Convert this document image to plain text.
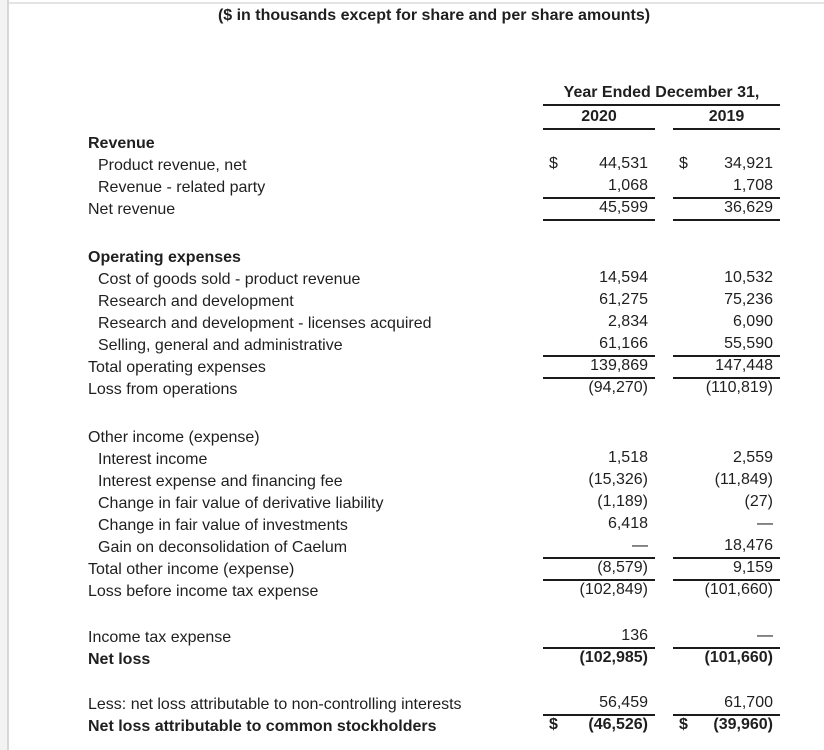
($ in thousands except for share and per share amounts)
Year Ended December 31,
2020	2019
Revenue
Product revenue, net	$	44,531 $ 34,921
Revenue - related party	1,068	1,708
Net revenue	45,599	36,629
Operating expenses
Cost of goods sold - product revenue	14,594	10,532
Research and development	61,275	75,236
Research and development - licenses acquired	2,834	6,090
Selling, general and administrative	61,166	55,590
Total operating expenses	139,869	147,448
Loss from operations	(94,270)	(110,819)
Other income (expense)
Interest income	1,518	2,559
Interest expense and financing fee	(15,326)	(11,849)
Change in fair value of derivative liability	(1,189)	(27)
Change in fair value of investments	6,418	—
Gain on deconsolidation of Caelum	—	18,476
Total other income (expense)	(8,579)	9,159
Loss before income tax expense	(102,849)	(101,660)
Income tax expense	136	—
Net loss	(102,985)	(101,660)
Less: net loss attributable to non-controlling interests	56,459	61,700
Net loss attributable to common stockholders	$ (46,526) $ (39,960)
